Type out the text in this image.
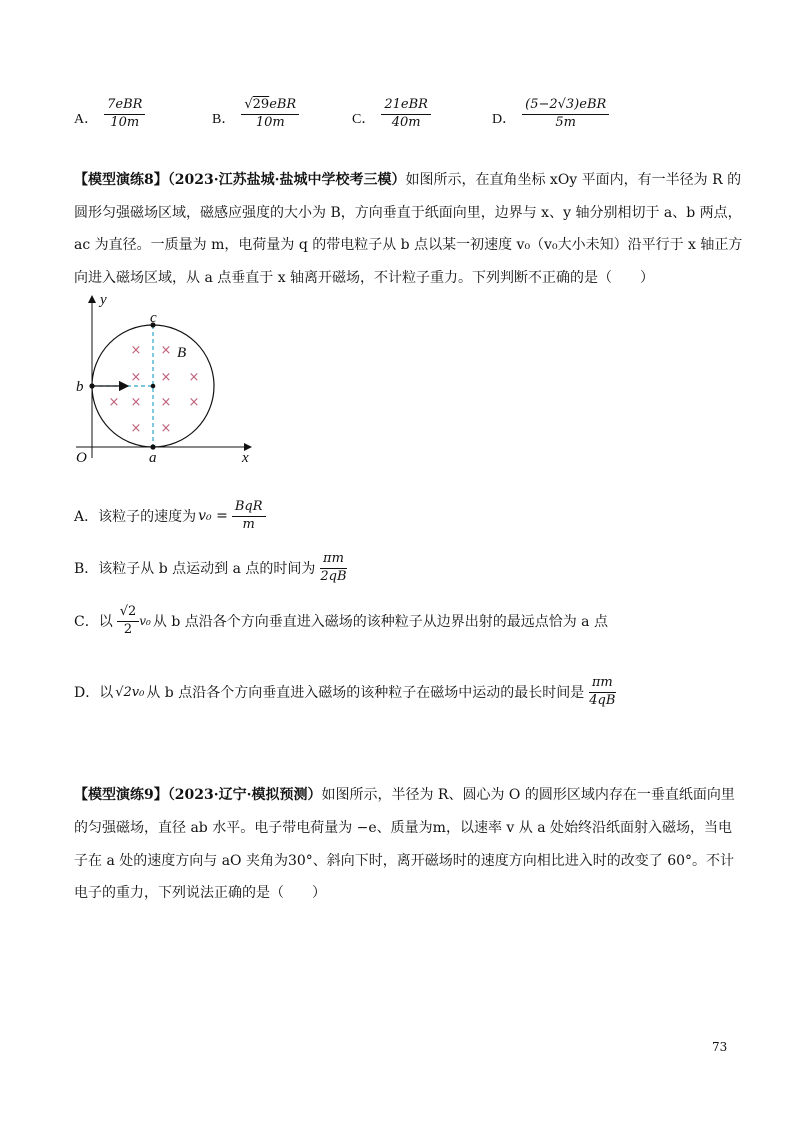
A． $\frac{\text{7eBR}}{10m}$	B． $\frac{\text{√29eBR}}{10m}$	C． $\frac{\text{21eBR}}{40m}$	D． $\frac{\text{(5−2√3)eBR}}{5m}$
【模型演练8】（2023·江苏盐城·盐城中学校考三模）如图所示，在直角坐标 xOy 平面内，有一半径为 R 的
圆形匀强磁场区域，磁感应强度的大小为 B，方向垂直于纸面向里，边界与 x、y 轴分别相切于 a、b 两点，
ac 为直径。一质量为 m，电荷量为 q 的带电粒子从 b 点以某一初速度 v₀（v₀大小未知）沿平行于 x 轴正方
向进入磁场区域，从 a 点垂直于 x 轴离开磁场，不计粒子重力。下列判断不正确的是（　　）
× ×
× × ×
× × × ×
× ×
y
c
B
b
O	a	x
A．该粒子的速度为 $v_0 = \frac{\text{BqR}}{m}$
B．该粒子从 b 点运动到 a 点的时间为 $\frac{\pi m}{2qB}$
C．以 $\frac{√2}{2} v_0$ 从 b 点沿各个方向垂直进入磁场的该种粒子从边界出射的最远点恰为 a 点
D．以 √2v₀ 从 b 点沿各个方向垂直进入磁场的该种粒子在磁场中运动的最长时间是 $\frac{\pi m}{4qB}$
【模型演练9】（2023·辽宁·模拟预测）如图所示，半径为 R、圆心为 O 的圆形区域内存在一垂直纸面向里
的匀强磁场，直径 ab 水平。电子带电荷量为 −e、质量为m，以速率 v 从 a 处始终沿纸面射入磁场，当电
子在 a 处的速度方向与 aO 夹角为30°、斜向下时，离开磁场时的速度方向相比进入时的改变了 60°。不计
电子的重力，下列说法正确的是（　　）
73
